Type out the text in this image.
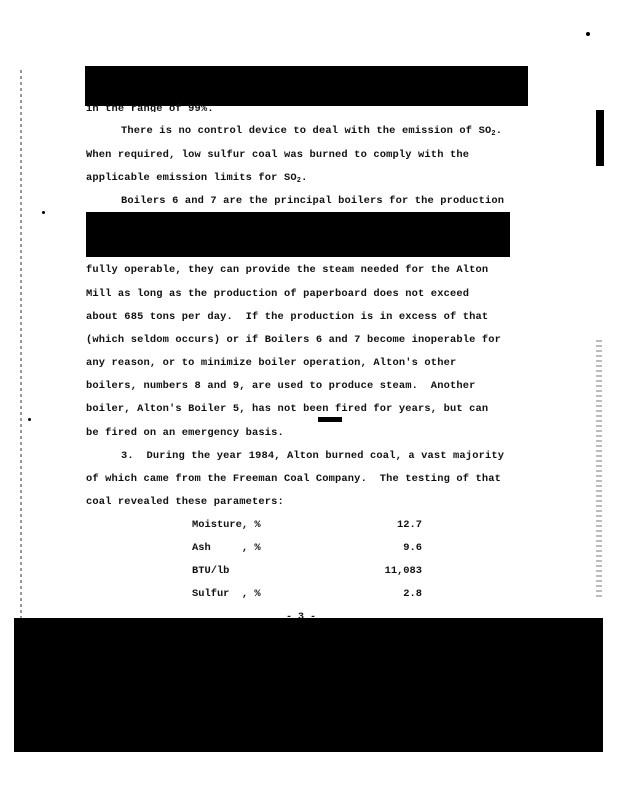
in the range of 99%.
There is no control device to deal with the emission of $SO_2$.
When required, low sulfur coal was burned to comply with the
applicable emission limits for $SO_2$.
Boilers 6 and 7 are the principal boilers for the production
fully operable, they can provide the steam needed for the Alton
Mill as long as the production of paperboard does not exceed
about 685 tons per day.  If the production is in excess of that
(which seldom occurs) or if Boilers 6 and 7 become inoperable for
any reason, or to minimize boiler operation, Alton's other
boilers, numbers 8 and 9, are used to produce steam.  Another
boiler, Alton's Boiler 5, has not been fired for years, but can
be fired on an emergency basis.
3.  During the year 1984, Alton burned coal, a vast majority
of which came from the Freeman Coal Company.  The testing of that
coal revealed these parameters:
Moisture, %	12.7
Ash     , %	9.6
BTU/lb	11,083
Sulfur  , %	2.8
